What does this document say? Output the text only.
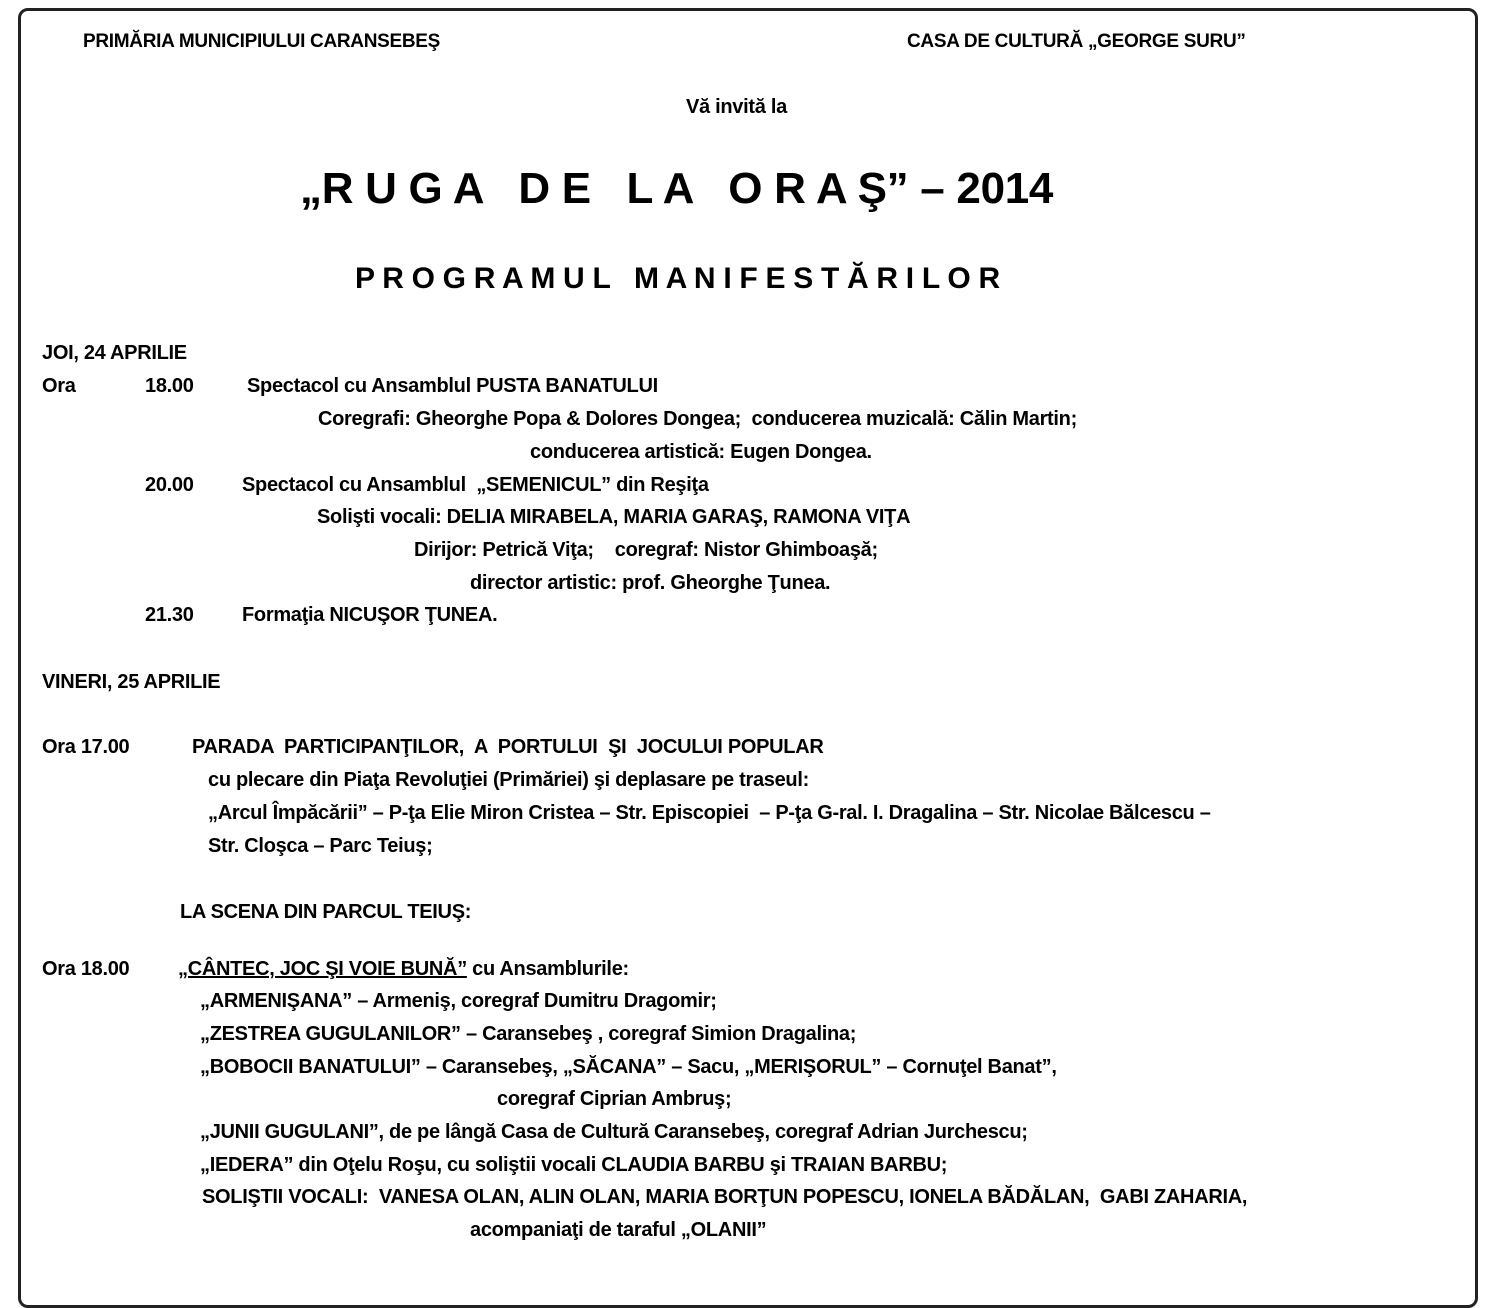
PRIMĂRIA MUNICIPIULUI CARANSEBEŞ	CASA DE CULTURĂ „GEORGE SURU”
Vă invită la
„R U G A   D E   L A   O R A Ş” – 2014
P R O G R A M U L   M A N I F E S T Ă R I L O R
JOI, 24 APRILIE
Ora	18.00	Spectacol cu Ansamblul PUSTA BANATULUI
Coregrafi: Gheorghe Popa & Dolores Dongea;  conducerea muzicală: Călin Martin;
conducerea artistică: Eugen Dongea.
20.00 Spectacol cu Ansamblul  „SEMENICUL” din Reşiţa
Solişti vocali: DELIA MIRABELA, MARIA GARAŞ, RAMONA VIŢA
Dirijor: Petrică Viţa;    coregraf: Nistor Ghimboaşă;
director artistic: prof. Gheorghe Ţunea.
21.30 Formaţia NICUŞOR ŢUNEA.
VINERI, 25 APRILIE
Ora 17.00	PARADA  PARTICIPANŢILOR,  A  PORTULUI  ŞI  JOCULUI POPULAR
cu plecare din Piaţa Revoluţiei (Primăriei) şi deplasare pe traseul:
„Arcul Împăcării” – P-ţa Elie Miron Cristea – Str. Episcopiei  – P-ţa G-ral. I. Dragalina – Str. Nicolae Bălcescu –
Str. Cloşca – Parc Teiuş;
LA SCENA DIN PARCUL TEIUŞ:
Ora 18.00 „CÂNTEC, JOC ŞI VOIE BUNĂ” cu Ansamblurile:
„ARMENIŞANA” – Armeniş, coregraf Dumitru Dragomir;
„ZESTREA GUGULANILOR” – Caransebeş , coregraf Simion Dragalina;
„BOBOCII BANATULUI” – Caransebeş, „SĂCANA” – Sacu, „MERIŞORUL” – Cornuţel Banat”,
coregraf Ciprian Ambruş;
„JUNII GUGULANI”, de pe lângă Casa de Cultură Caransebeş, coregraf Adrian Jurchescu;
„IEDERA” din Oţelu Roşu, cu soliştii vocali CLAUDIA BARBU şi TRAIAN BARBU;
SOLIŞTII VOCALI:  VANESA OLAN, ALIN OLAN, MARIA BORŢUN POPESCU, IONELA BĂDĂLAN,  GABI ZAHARIA,
acompaniaţi de taraful „OLANII”
